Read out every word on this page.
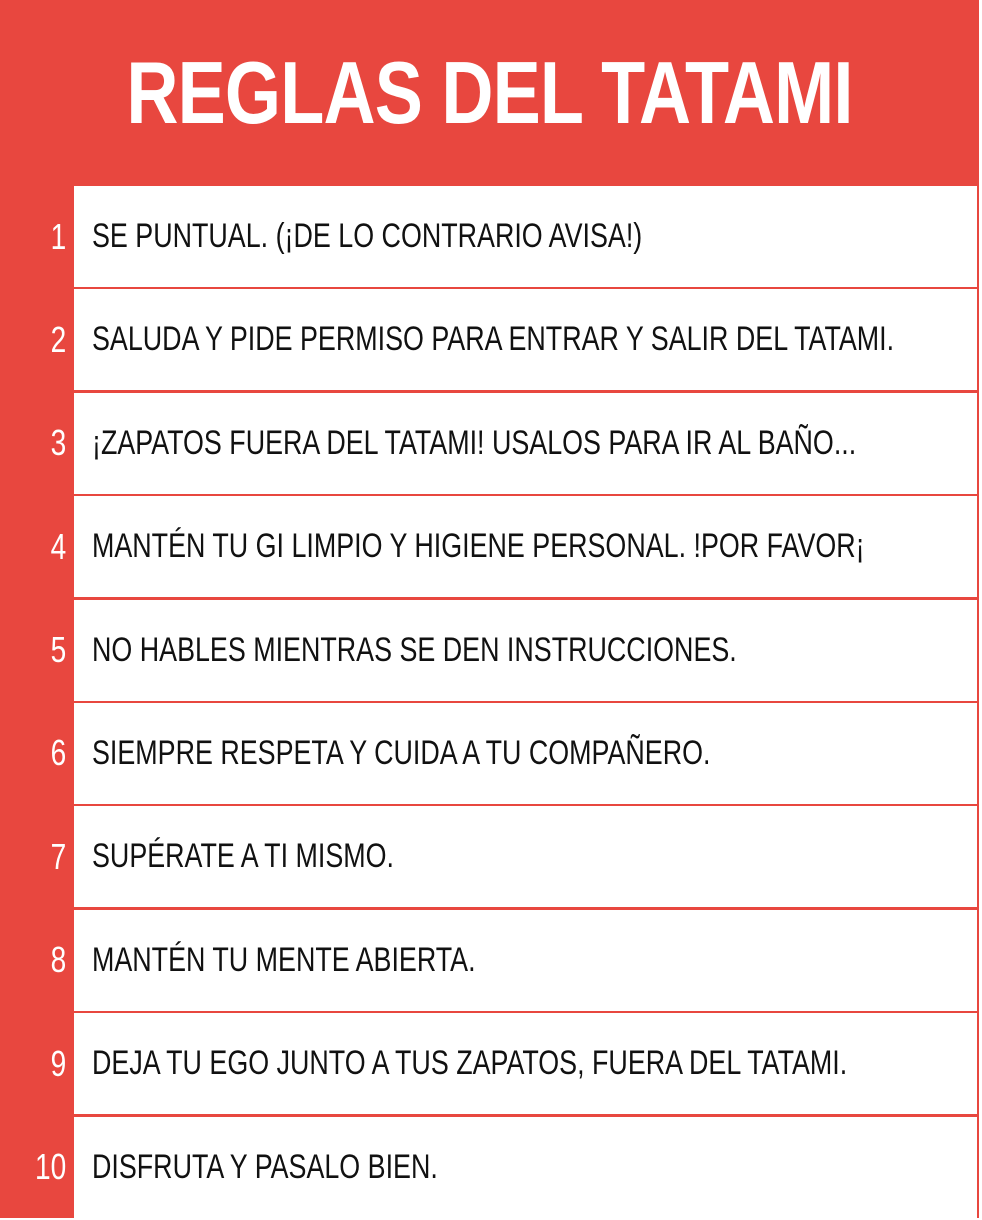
REGLAS DEL TATAMI
1 SE PUNTUAL. (¡DE LO CONTRARIO AVISA!)
2 SALUDA Y PIDE PERMISO PARA ENTRAR Y SALIR DEL TATAMI.
3 ¡ZAPATOS FUERA DEL TATAMI! USALOS PARA IR AL BAÑO...
4 MANTÉN TU GI LIMPIO Y HIGIENE PERSONAL. !POR FAVOR¡
5 NO HABLES MIENTRAS SE DEN INSTRUCCIONES.
6 SIEMPRE RESPETA Y CUIDA A TU COMPAÑERO.
7 SUPÉRATE A TI MISMO.
8 MANTÉN TU MENTE ABIERTA.
9 DEJA TU EGO JUNTO A TUS ZAPATOS, FUERA DEL TATAMI.
10 DISFRUTA Y PASALO BIEN.
